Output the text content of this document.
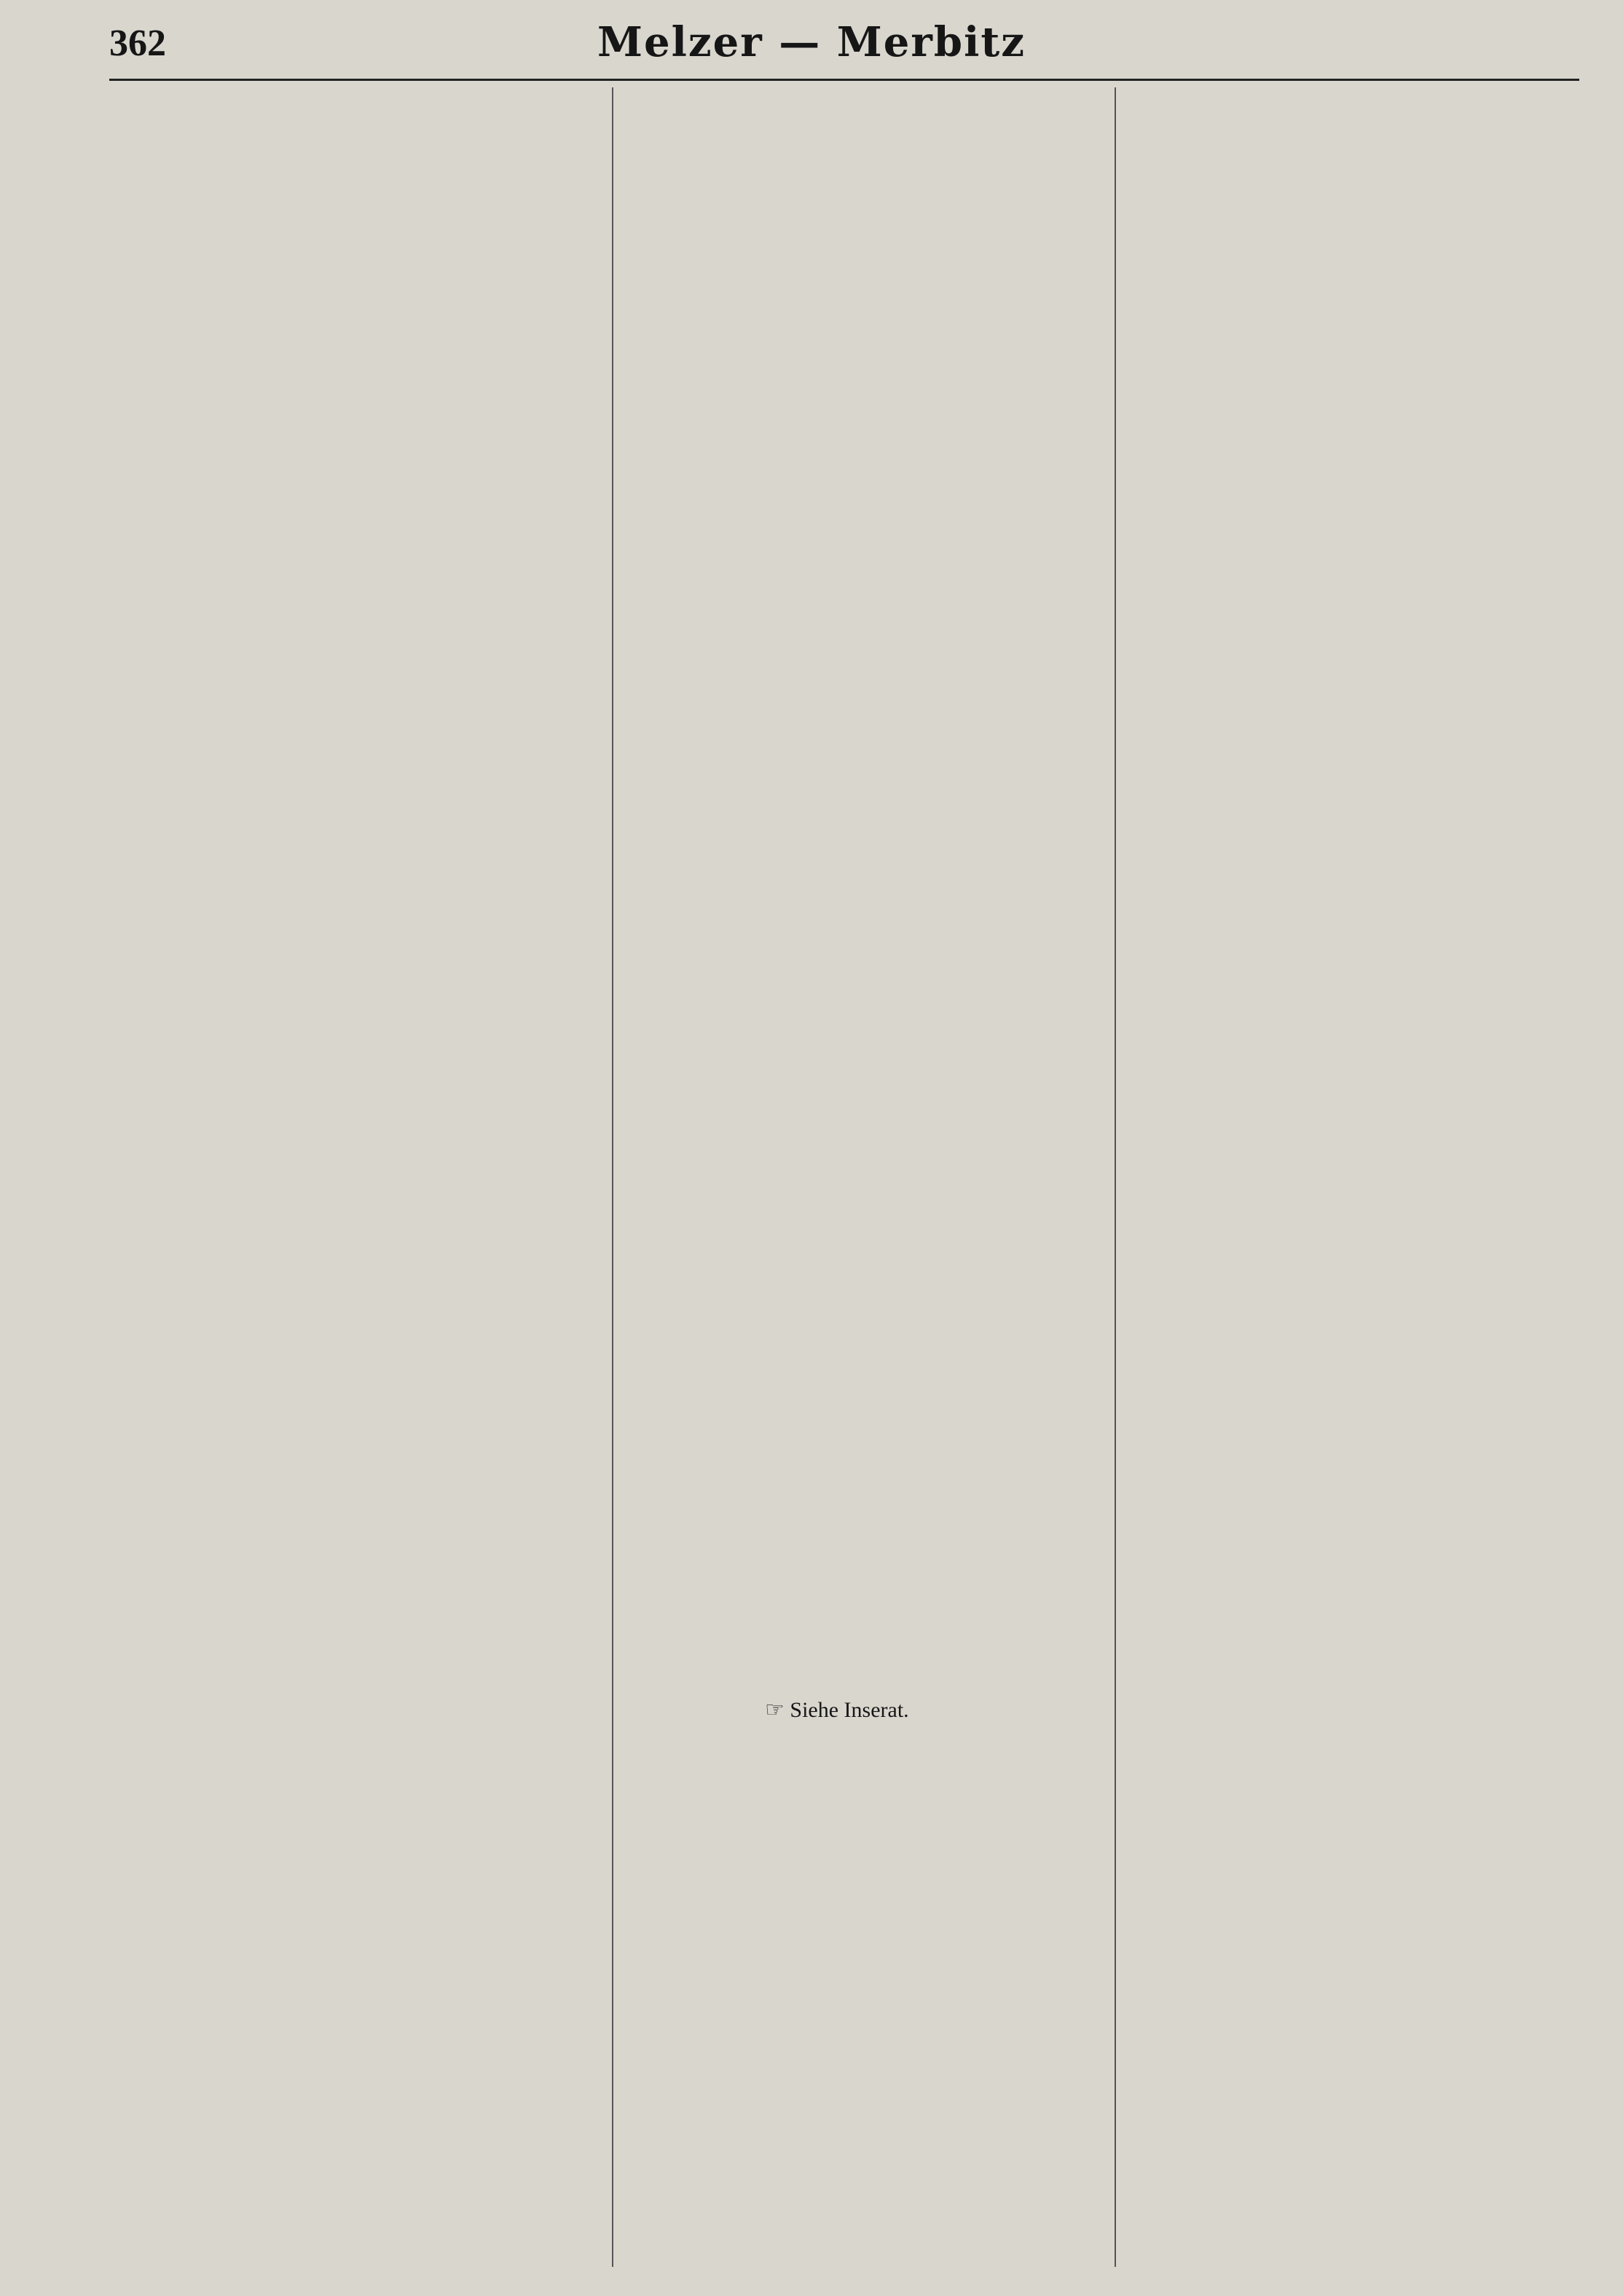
362	Melzer — Merbitz
☞ Siehe Inserat.
